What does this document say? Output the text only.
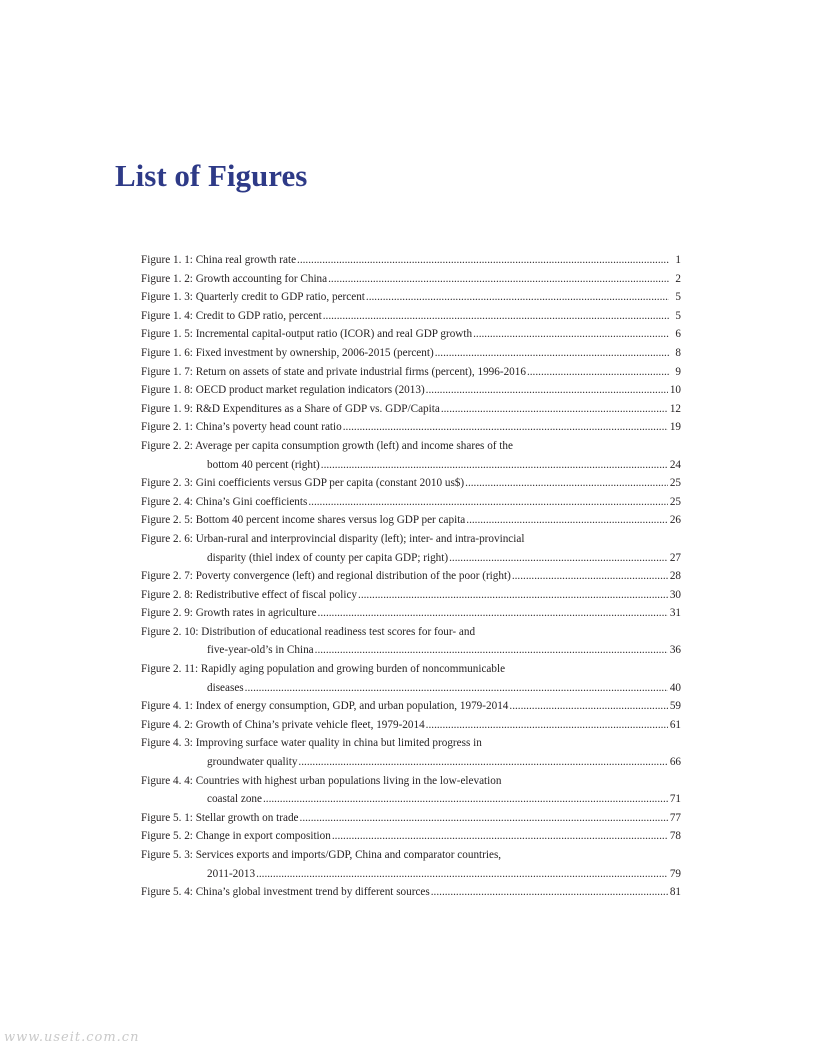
List of Figures
Figure 1. 1: China real growth rate .....	1
Figure 1. 2: Growth accounting for China .....	2
Figure 1. 3: Quarterly credit to GDP ratio, percent .....	5
Figure 1. 4: Credit to GDP ratio, percent .....	5
Figure 1. 5: Incremental capital-output ratio (ICOR) and real GDP growth .....	6
Figure 1. 6: Fixed investment by ownership, 2006-2015 (percent) .....	8
Figure 1. 7: Return on assets of state and private industrial firms (percent), 1996-2016 .....	9
Figure 1. 8: OECD product market regulation indicators (2013) .....	10
Figure 1. 9: R&D Expenditures as a Share of GDP vs. GDP/Capita .....	12
Figure 2. 1: China’s poverty head count ratio .....	19
Figure 2. 2: Average per capita consumption growth (left) and income shares of the
bottom 40 percent (right) .....	24
Figure 2. 3: Gini coefficients versus GDP per capita (constant 2010 us$) .....	25
Figure 2. 4: China’s Gini coefficients .....	25
Figure 2. 5: Bottom 40 percent income shares versus log GDP per capita .....	26
Figure 2. 6: Urban-rural and interprovincial disparity (left); inter- and intra-provincial
disparity (thiel index of county per capita GDP; right) .....	27
Figure 2. 7: Poverty convergence (left) and regional distribution of the poor (right) .....	28
Figure 2. 8: Redistributive effect of fiscal policy .....	30
Figure 2. 9: Growth rates in agriculture .....	31
Figure 2. 10: Distribution of educational readiness test scores for four- and
five-year-old’s in China .....	36
Figure 2. 11: Rapidly aging population and growing burden of noncommunicable
diseases .....	40
Figure 4. 1: Index of energy consumption, GDP, and urban population, 1979-2014 .....	59
Figure 4. 2: Growth of China’s private vehicle fleet, 1979-2014 .....	61
Figure 4. 3: Improving surface water quality in china but limited progress in
groundwater quality .....	66
Figure 4. 4: Countries with highest urban populations living in the low-elevation
coastal zone .....	71
Figure 5. 1: Stellar growth on trade .....	77
Figure 5. 2: Change in export composition .....	78
Figure 5. 3: Services exports and imports/GDP, China and comparator countries,
2011-2013 .....	79
Figure 5. 4: China’s global investment trend by different sources .....	81
www.useit.com.cn
